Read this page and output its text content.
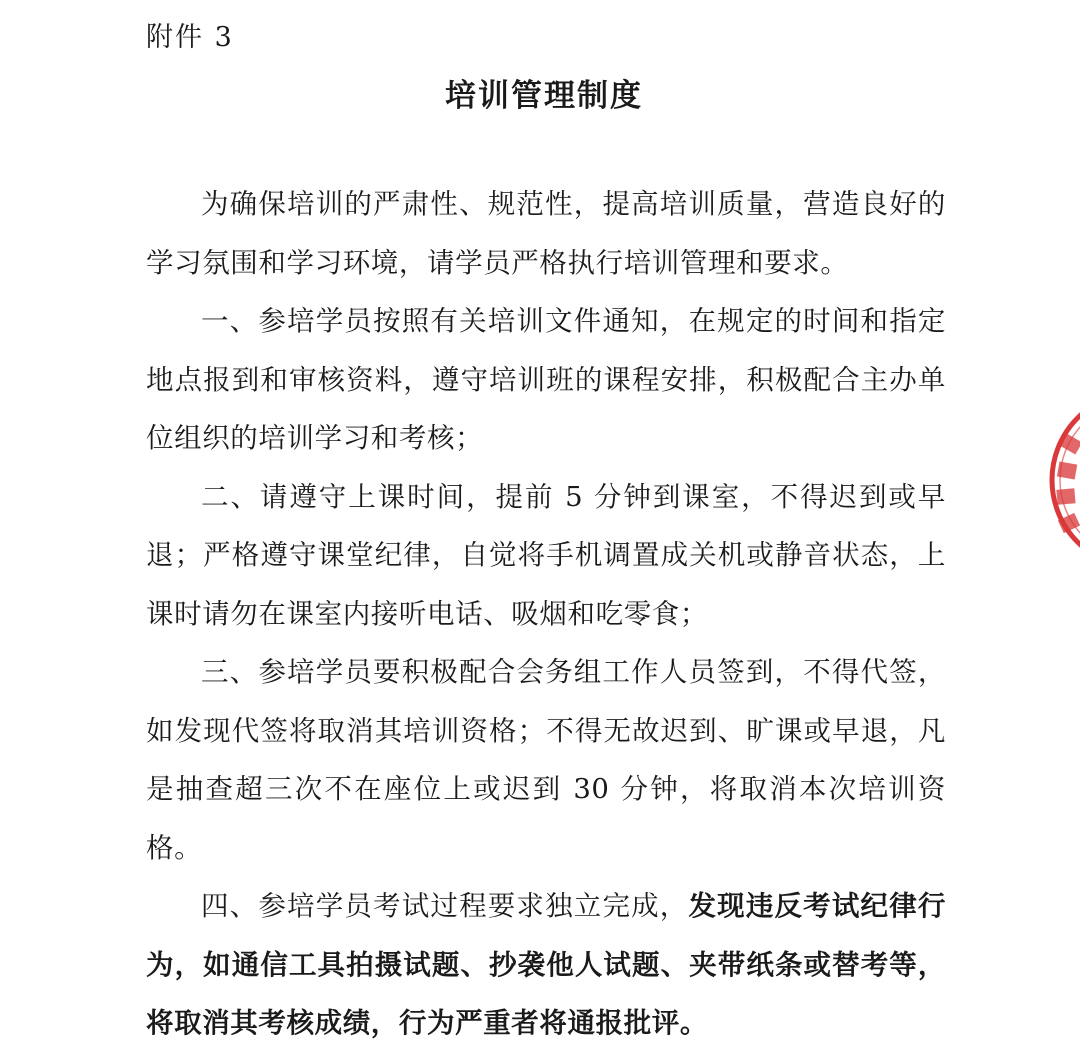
附件 3
培训管理制度

为确保培训的严肃性、规范性，提高培训质量，营造良好的学习氛围和学习环境，请学员严格执行培训管理和要求。

一、参培学员按照有关培训文件通知，在规定的时间和指定地点报到和审核资料，遵守培训班的课程安排，积极配合主办单位组织的培训学习和考核；

二、请遵守上课时间，提前 5 分钟到课室，不得迟到或早退；严格遵守课堂纪律，自觉将手机调置成关机或静音状态，上课时请勿在课室内接听电话、吸烟和吃零食；

三、参培学员要积极配合会务组工作人员签到，不得代签，如发现代签将取消其培训资格；不得无故迟到、旷课或早退，凡是抽查超三次不在座位上或迟到 30 分钟，将取消本次培训资格。

四、参培学员考试过程要求独立完成，发现违反考试纪律行为，如通信工具拍摄试题、抄袭他人试题、夹带纸条或替考等，将取消其考核成绩，行为严重者将通报批评。
